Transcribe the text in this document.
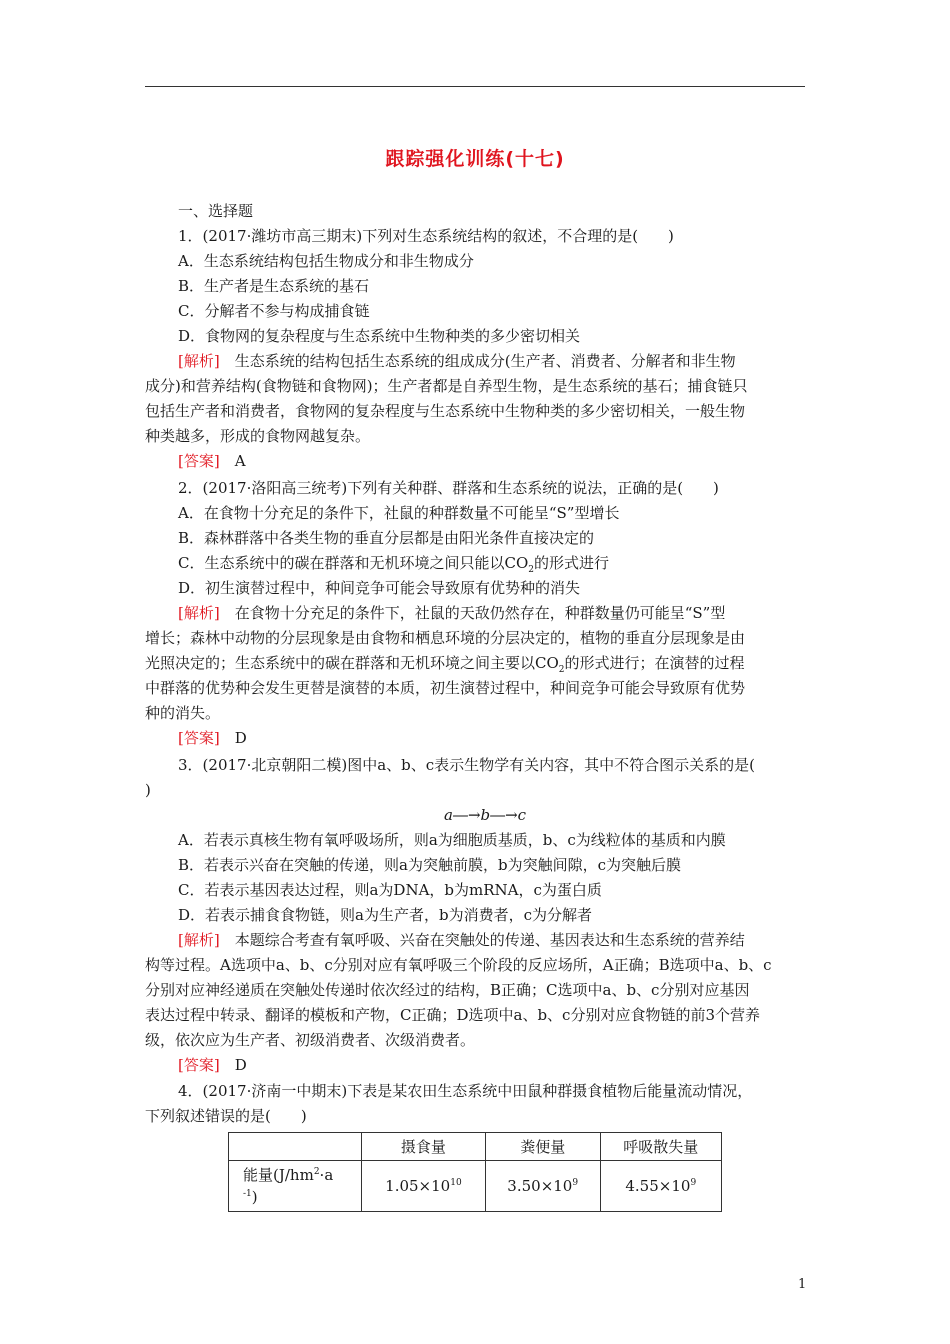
跟踪强化训练(十七)
一、选择题
1．(2017·潍坊市高三期末)下列对生态系统结构的叙述，不合理的是(　　)
A．生态系统结构包括生物成分和非生物成分
B．生产者是生态系统的基石
C．分解者不参与构成捕食链
D．食物网的复杂程度与生态系统中生物种类的多少密切相关
[解析]　 生态系统的结构包括生态系统的组成成分(生产者、消费者、分解者和非生物
成分)和营养结构(食物链和食物网)；生产者都是自养型生物，是生态系统的基石；捕食链只
包括生产者和消费者，食物网的复杂程度与生态系统中生物种类的多少密切相关，一般生物
种类越多，形成的食物网越复杂。
[答案]　 A
2．(2017·洛阳高三统考)下列有关种群、群落和生态系统的说法，正确的是(　　)
A．在食物十分充足的条件下，社鼠的种群数量不可能呈“S”型增长
B．森林群落中各类生物的垂直分层都是由阳光条件直接决定的
C．生态系统中的碳在群落和无机环境之间只能以$CO_2$的形式进行
D．初生演替过程中，种间竞争可能会导致原有优势种的消失
[解析]　 在食物十分充足的条件下，社鼠的天敌仍然存在，种群数量仍可能呈“S”型
增长；森林中动物的分层现象是由食物和栖息环境的分层决定的，植物的垂直分层现象是由
光照决定的；生态系统中的碳在群落和无机环境之间主要以$CO_2$的形式进行；在演替的过程
中群落的优势种会发生更替是演替的本质，初生演替过程中，种间竞争可能会导致原有优势
种的消失。
[答案]　 D
3．(2017·北京朝阳二模)图中a、b、c表示生物学有关内容，其中不符合图示关系的是(
)
a―→b―→c
A．若表示真核生物有氧呼吸场所，则a为细胞质基质，b、c为线粒体的基质和内膜
B．若表示兴奋在突触的传递，则a为突触前膜，b为突触间隙，c为突触后膜
C．若表示基因表达过程，则a为DNA，b为mRNA，c为蛋白质
D．若表示捕食食物链，则a为生产者，b为消费者，c为分解者
[解析]　 本题综合考查有氧呼吸、兴奋在突触处的传递、基因表达和生态系统的营养结
构等过程。A选项中a、b、c分别对应有氧呼吸三个阶段的反应场所，A正确；B选项中a、b、c
分别对应神经递质在突触处传递时依次经过的结构，B正确；C选项中a、b、c分别对应基因
表达过程中转录、翻译的模板和产物，C正确；D选项中a、b、c分别对应食物链的前3个营养
级，依次应为生产者、初级消费者、次级消费者。
[答案]　 D
4．(2017·济南一中期末)下表是某农田生态系统中田鼠种群摄食植物后能量流动情况，
下列叙述错误的是(　　)
	摄食量	粪便量	呼吸散失量
能量($J/hm^2\cdot a$
$^{-1}$)	$1.05\times 10^{10}$	$3.50\times 10^9$	$4.55\times 10^9$
1
